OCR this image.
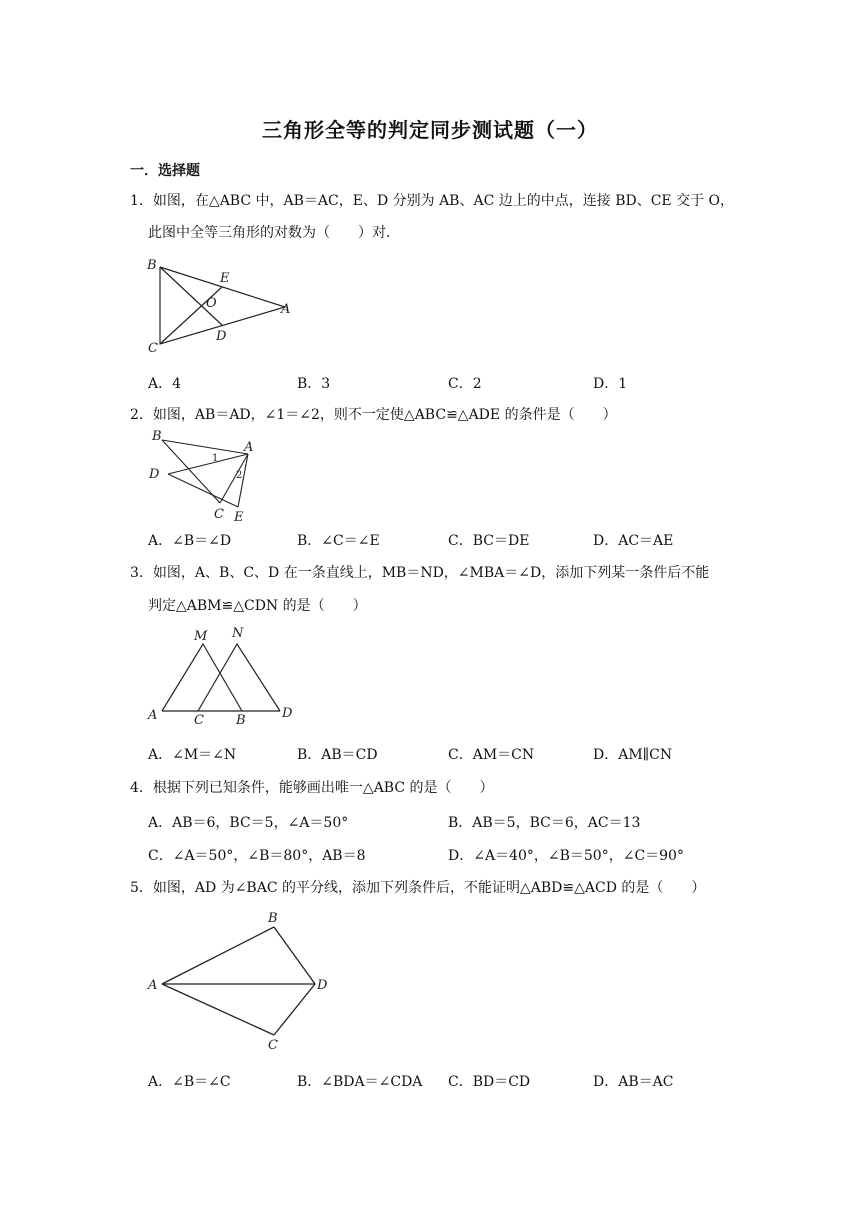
三角形全等的判定同步测试题（一）
一．选择题
1．如图，在△ABC 中，AB＝AC，E、D 分别为 AB、AC 边上的中点，连接 BD、CE 交于 O，
此图中全等三角形的对数为（　　）对．
B
E
O	A
D
C
A．4	B．3	C．2	D．1
2．如图，AB＝AD，∠1＝∠2，则不一定使△ABC≌△ADE 的条件是（　　）
B
A
D
1
2
C E
A．∠B＝∠D	B．∠C＝∠E	C．BC＝DE	D．AC＝AE
3．如图，A、B、C、D 在一条直线上，MB＝ND，∠MBA＝∠D，添加下列某一条件后不能
判定△ABM≌△CDN 的是（　　）
M N
A	C B	D
A．∠M＝∠N	B．AB＝CD	C．AM＝CN	D．AM∥CN
4．根据下列已知条件，能够画出唯一△ABC 的是（　　）
A．AB＝6，BC＝5，∠A＝50°	B．AB＝5，BC＝6，AC＝13
C．∠A＝50°，∠B＝80°，AB＝8	D．∠A＝40°，∠B＝50°，∠C＝90°
5．如图，AD 为∠BAC 的平分线，添加下列条件后，不能证明△ABD≌△ACD 的是（　　）
B
A	D
C
A．∠B＝∠C	B．∠BDA＝∠CDA C．BD＝CD	D．AB＝AC
